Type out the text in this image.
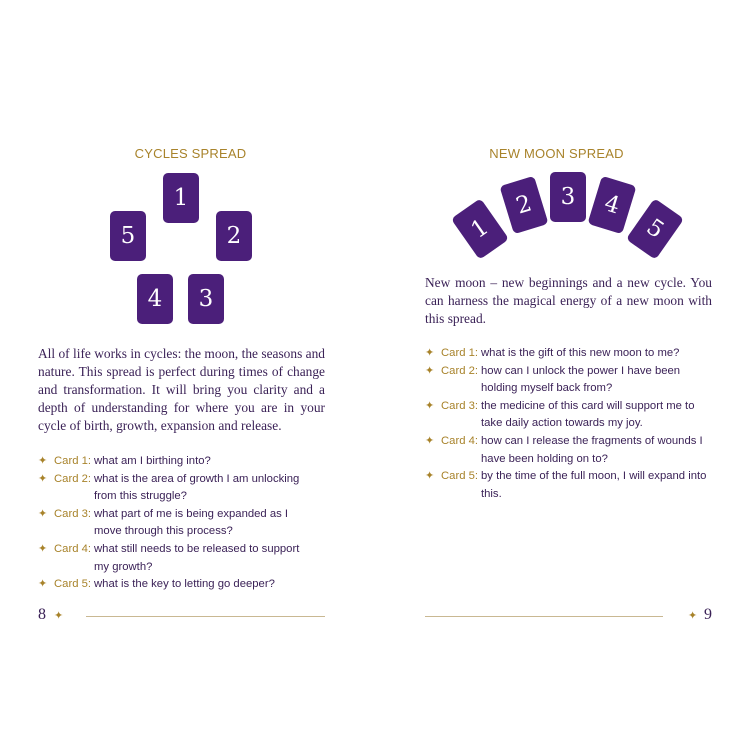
CYCLES SPREAD
1
2
3
4
5
All of life works in cycles: the moon, the seasons and nature. This spread is perfect during times of change and transformation. It will bring you clarity and a depth of understanding for where you are in your cycle of birth, growth, expansion and release.
✦ Card 1: what am I birthing into?
✦ Card 2: what is the area of growth I am unlocking from this struggle?
✦ Card 3: what part of me is being expanded as I move through this process?
✦ Card 4: what still needs to be released to support my growth?
✦ Card 5: what is the key to letting go deeper?
8 ✦
NEW MOON SPREAD
1
2	3	4
5
New moon – new beginnings and a new cycle. You can harness the magical energy of a new moon with this spread.
✦ Card 1: what is the gift of this new moon to me?
✦ Card 2: how can I unlock the power I have been holding myself back from?
✦ Card 3: the medicine of this card will support me to take daily action towards my joy.
✦ Card 4: how can I release the fragments of wounds I have been holding on to?
✦ Card 5: by the time of the full moon, I will expand into this.
✦ 9
